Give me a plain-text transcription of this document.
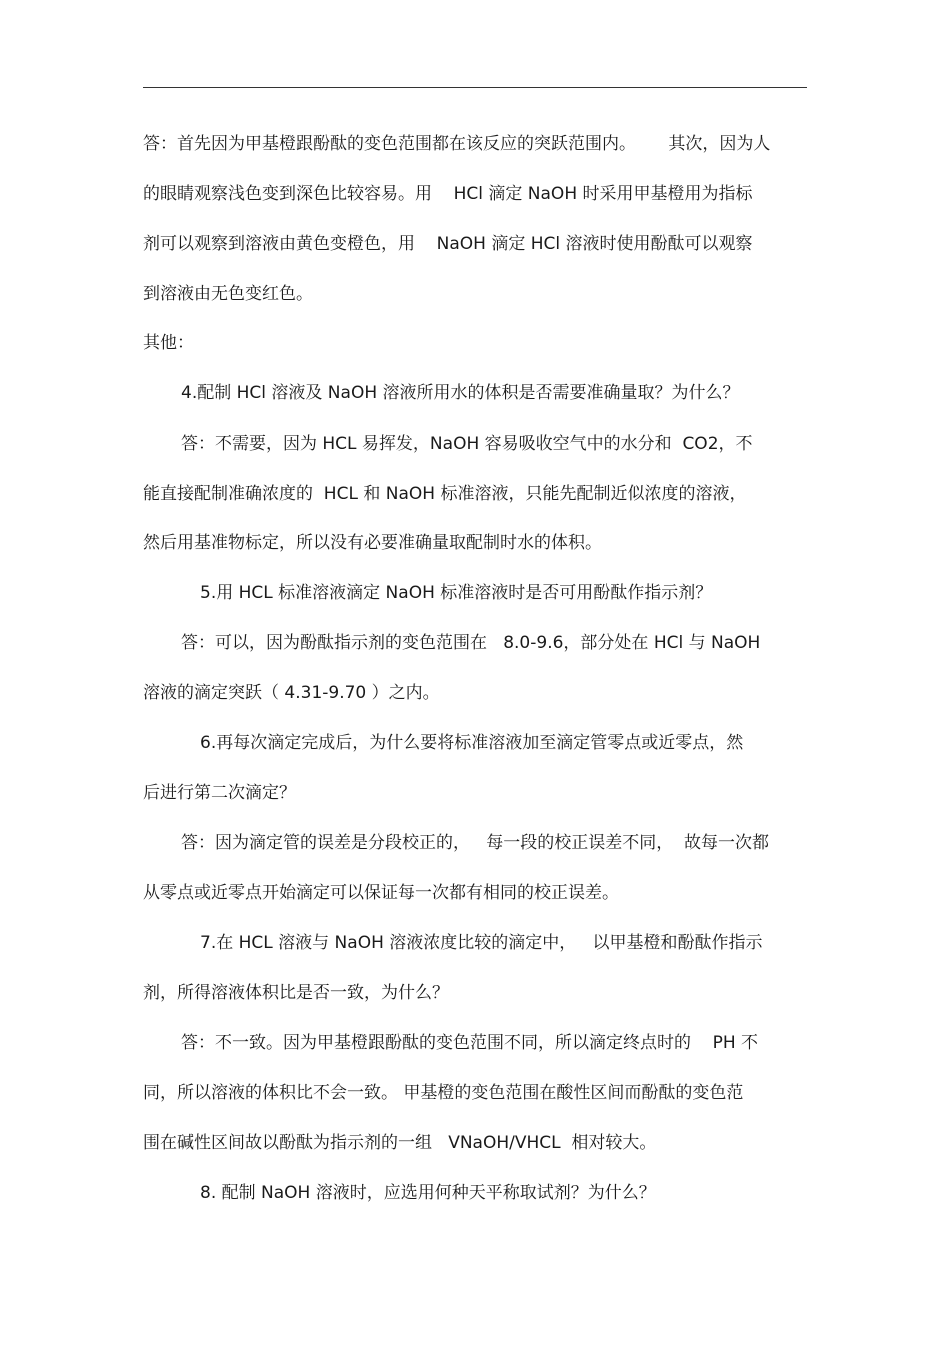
答：首先因为甲基橙跟酚酞的变色范围都在该反应的突跃范围内。      其次，因为人
的眼睛观察浅色变到深色比较容易。用    HCl 滴定 NaOH 时采用甲基橙用为指标
剂可以观察到溶液由黄色变橙色，用    NaOH 滴定 HCl 溶液时使用酚酞可以观察
到溶液由无色变红色。
其他：
4.配制 HCl 溶液及 NaOH 溶液所用水的体积是否需要准确量取？为什么？
答：不需要，因为 HCL 易挥发，NaOH 容易吸收空气中的水分和  CO2，不
能直接配制准确浓度的  HCL 和 NaOH 标准溶液，只能先配制近似浓度的溶液，
然后用基准物标定，所以没有必要准确量取配制时水的体积。
5.用 HCL 标准溶液滴定 NaOH 标准溶液时是否可用酚酞作指示剂？
答：可以，因为酚酞指示剂的变色范围在   8.0-9.6，部分处在 HCl 与 NaOH
溶液的滴定突跃（ 4.31-9.70 ）之内。
6.再每次滴定完成后，为什么要将标准溶液加至滴定管零点或近零点，然
后进行第二次滴定？
答：因为滴定管的误差是分段校正的，   每一段的校正误差不同，  故每一次都
从零点或近零点开始滴定可以保证每一次都有相同的校正误差。
7.在 HCL 溶液与 NaOH 溶液浓度比较的滴定中，   以甲基橙和酚酞作指示
剂，所得溶液体积比是否一致，为什么？
答：不一致。因为甲基橙跟酚酞的变色范围不同，所以滴定终点时的    PH 不
同，所以溶液的体积比不会一致。 甲基橙的变色范围在酸性区间而酚酞的变色范
围在碱性区间故以酚酞为指示剂的一组   VNaOH/VHCL  相对较大。
8. 配制 NaOH 溶液时，应选用何种天平称取试剂？为什么？
